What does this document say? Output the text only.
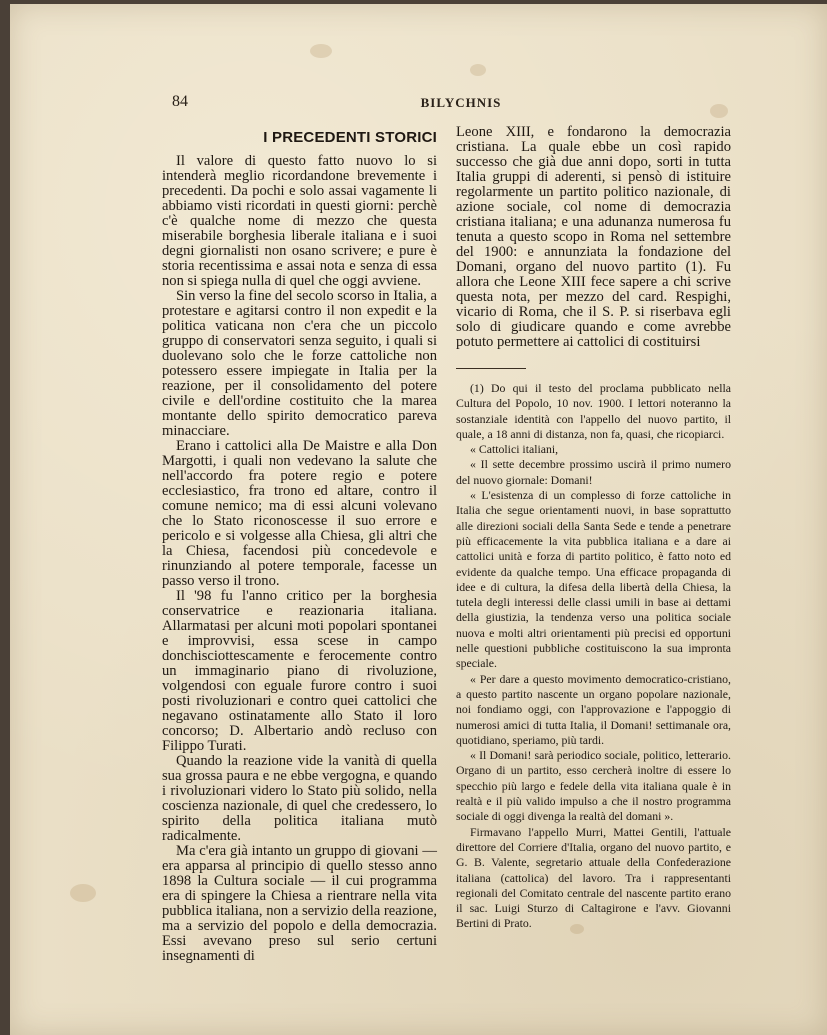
84	BILYCHNIS
I PRECEDENTI STORICI

Il valore di questo fatto nuovo lo si intenderà meglio ricordandone brevemente i precedenti. Da pochi e solo assai vagamente li abbiamo visti ricordati in questi giorni: perchè c'è qualche nome di mezzo che questa miserabile borghesia liberale italiana e i suoi degni giornalisti non osano scrivere; e pure è storia recentissima e assai nota e senza di essa non si spiega nulla di quel che oggi avviene.

Sin verso la fine del secolo scorso in Italia, a protestare e agitarsi contro il non expedit e la politica vaticana non c'era che un piccolo gruppo di conservatori senza seguito, i quali si duolevano solo che le forze cattoliche non potessero essere impiegate in Italia per la reazione, per il consolidamento del potere civile e dell'ordine costituito che la marea montante dello spirito democratico pareva minacciare.

Erano i cattolici alla De Maistre e alla Don Margotti, i quali non vedevano la salute che nell'accordo fra potere regio e potere ecclesiastico, fra trono ed altare, contro il comune nemico; ma di essi alcuni volevano che lo Stato riconoscesse il suo errore e pericolo e si volgesse alla Chiesa, gli altri che la Chiesa, facendosi più concedevole e rinunziando al potere temporale, facesse un passo verso il trono.

Il '98 fu l'anno critico per la borghesia conservatrice e reazionaria italiana. Allarmatasi per alcuni moti popolari spontanei e improvvisi, essa scese in campo donchisciottescamente e ferocemente contro un immaginario piano di rivoluzione, volgendosi con eguale furore contro i suoi posti rivoluzionari e contro quei cattolici che negavano ostinatamente allo Stato il loro concorso; D. Albertario andò recluso con Filippo Turati.

Quando la reazione vide la vanità di quella sua grossa paura e ne ebbe vergogna, e quando i rivoluzionari videro lo Stato più solido, nella coscienza nazionale, di quel che credessero, lo spirito della politica italiana mutò radicalmente.

Ma c'era già intanto un gruppo di giovani — era apparsa al principio di quello stesso anno 1898 la Cultura sociale — il cui programma era di spingere la Chiesa a rientrare nella vita pubblica italiana, non a servizio della reazione, ma a servizio del popolo e della democrazia. Essi avevano preso sul serio certuni insegnamenti di

Leone XIII, e fondarono la democrazia cristiana. La quale ebbe un così rapido successo che già due anni dopo, sorti in tutta Italia gruppi di aderenti, si pensò di istituire regolarmente un partito politico nazionale, di azione sociale, col nome di democrazia cristiana italiana; e una adunanza numerosa fu tenuta a questo scopo in Roma nel settembre del 1900: e annunziata la fondazione del Domani, organo del nuovo partito (1). Fu allora che Leone XIII fece sapere a chi scrive questa nota, per mezzo del card. Respighi, vicario di Roma, che il S. P. si riserbava egli solo di giudicare quando e come avrebbe potuto permettere ai cattolici di costituirsi

(1) Do qui il testo del proclama pubblicato nella Cultura del Popolo, 10 nov. 1900. I lettori noteranno la sostanziale identità con l'appello del nuovo partito, il quale, a 18 anni di distanza, non fa, quasi, che ricopiarci.

« Cattolici italiani,

« Il sette decembre prossimo uscirà il primo numero del nuovo giornale: Domani!

« L'esistenza di un complesso di forze cattoliche in Italia che segue orientamenti nuovi, in base soprattutto alle direzioni sociali della Santa Sede e tende a penetrare più efficacemente la vita pubblica italiana e a dare ai cattolici unità e forza di partito politico, è fatto noto ed evidente da qualche tempo. Una efficace propaganda di idee e di cultura, la difesa della libertà della Chiesa, la tutela degli interessi delle classi umili in base ai dettami della giustizia, la tendenza verso una politica sociale nuova e molti altri orientamenti più precisi ed opportuni nelle questioni pubbliche costituiscono la sua impronta speciale.

« Per dare a questo movimento democratico-cristiano, a questo partito nascente un organo popolare nazionale, noi fondiamo oggi, con l'approvazione e l'appoggio di numerosi amici di tutta Italia, il Domani! settimanale ora, quotidiano, speriamo, più tardi.

« Il Domani! sarà periodico sociale, politico, letterario. Organo di un partito, esso cercherà inoltre di essere lo specchio più largo e fedele della vita italiana quale è in realtà e il più valido impulso a che il nostro programma sociale di oggi divenga la realtà del domani ».

Firmavano l'appello Murri, Mattei Gentili, l'attuale direttore del Corriere d'Italia, organo del nuovo partito, e G. B. Valente, segretario attuale della Confederazione italiana (cattolica) del lavoro. Tra i rappresentanti regionali del Comitato centrale del nascente partito erano il sac. Luigi Sturzo di Caltagirone e l'avv. Giovanni Bertini di Prato.
